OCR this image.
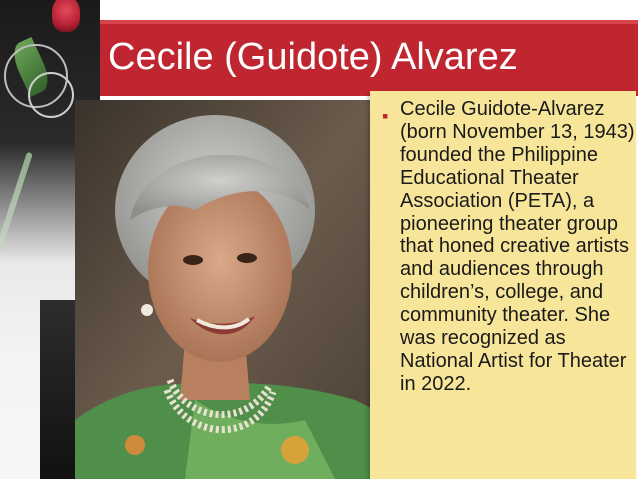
Cecile (Guidote) Alvarez
▪ Cecile Guidote-Alvarez (born November 13, 1943) founded the Philippine Educational Theater Association (PETA), a pioneering theater group that honed creative artists and audiences through children’s, college, and community theater. She was recognized as National Artist for Theater in 2022.
